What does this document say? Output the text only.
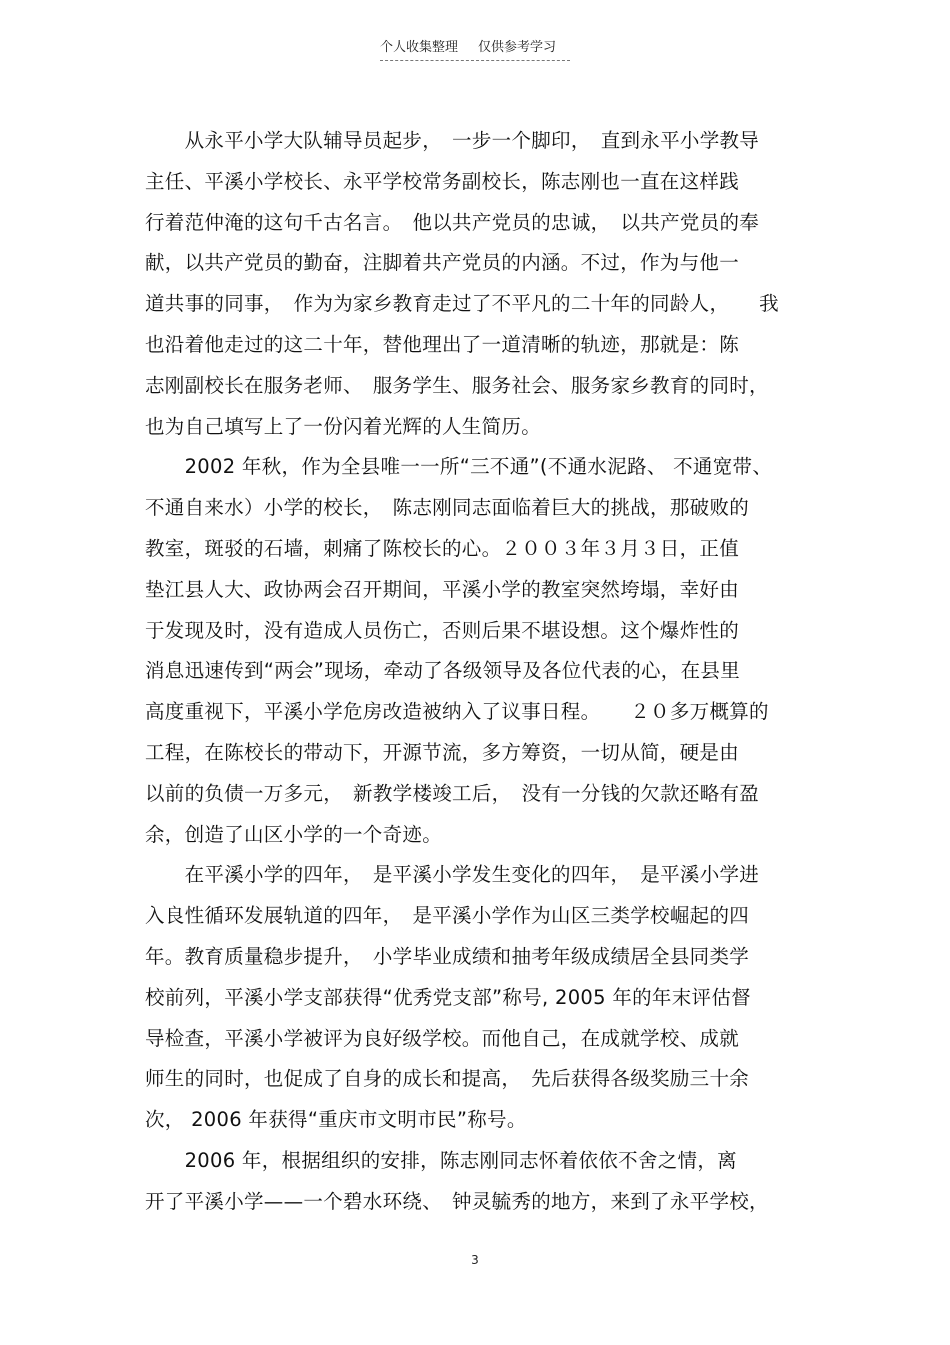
个人收集整理 仅供参考学习
　　从永平小学大队辅导员起步，　一步一个脚印，　直到永平小学教导
主任、平溪小学校长、永平学校常务副校长，陈志刚也一直在这样践
行着范仲淹的这句千古名言。　他以共产党员的忠诚，　以共产党员的奉
献，以共产党员的勤奋，注脚着共产党员的内涵。不过，作为与他一
道共事的同事，　作为为家乡教育走过了不平凡的二十年的同龄人，　　我
也沿着他走过的这二十年，替他理出了一道清晰的轨迹，那就是：陈
志刚副校长在服务老师、　服务学生、服务社会、服务家乡教育的同时，
也为自己填写上了一份闪着光辉的人生简历。
　　2002 年秋，作为全县唯一一所“三不通”(不通水泥路、 不通宽带、
不通自来水）小学的校长，　陈志刚同志面临着巨大的挑战，那破败的
教室，斑驳的石墙，刺痛了陈校长的心。２００３年３月３日，正值
垫江县人大、政协两会召开期间，平溪小学的教室突然垮塌，幸好由
于发现及时，没有造成人员伤亡，否则后果不堪设想。这个爆炸性的
消息迅速传到“两会”现场，牵动了各级领导及各位代表的心，在县里
高度重视下，平溪小学危房改造被纳入了议事日程。　　２０多万概算的
工程，在陈校长的带动下，开源节流，多方筹资，一切从简，硬是由
以前的负债一万多元，　新教学楼竣工后，　没有一分钱的欠款还略有盈
余，创造了山区小学的一个奇迹。
　　在平溪小学的四年，　是平溪小学发生变化的四年，　是平溪小学进
入良性循环发展轨道的四年，　是平溪小学作为山区三类学校崛起的四
年。教育质量稳步提升，　小学毕业成绩和抽考年级成绩居全县同类学
校前列，平溪小学支部获得“优秀党支部”称号, 2005 年的年末评估督
导检查，平溪小学被评为良好级学校。而他自己，在成就学校、成就
师生的同时，也促成了自身的成长和提高，　先后获得各级奖励三十余
次， 2006 年获得“重庆市文明市民”称号。
　　2006 年，根据组织的安排，陈志刚同志怀着依依不舍之情，离
开了平溪小学——一个碧水环绕、　钟灵毓秀的地方，来到了永平学校，
3
